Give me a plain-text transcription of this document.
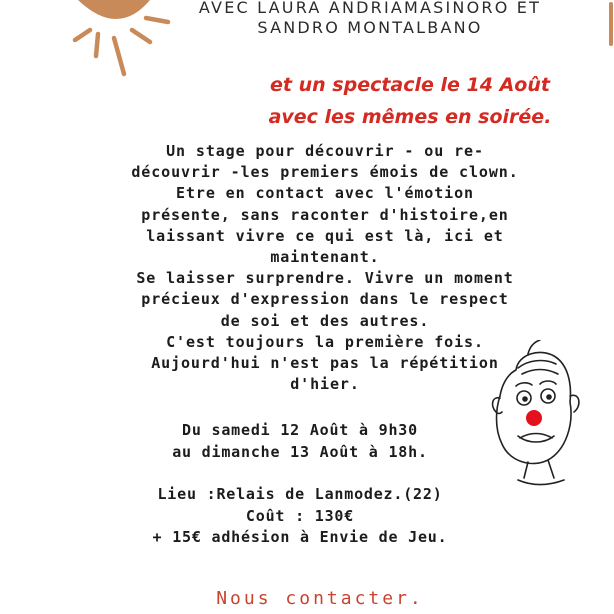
AVEC LAURA ANDRIAMASINORO ET
SANDRO MONTALBANO
et un spectacle le 14 Août
avec les mêmes en soirée.
Un stage pour découvrir - ou re-
découvrir -les premiers émois de clown.
Etre en contact avec l'émotion
présente, sans raconter d'histoire,en
laissant vivre ce qui est là, ici et
maintenant.
Se laisser surprendre. Vivre un moment
précieux d'expression dans le respect
de soi et des autres.
C'est toujours la première fois.
Aujourd'hui n'est pas la répétition
d'hier.
Du samedi 12 Août à 9h30
au dimanche 13 Août à 18h.
Lieu :Relais de Lanmodez.(22)
Coût : 130€
+ 15€ adhésion à Envie de Jeu.
Nous contacter.
